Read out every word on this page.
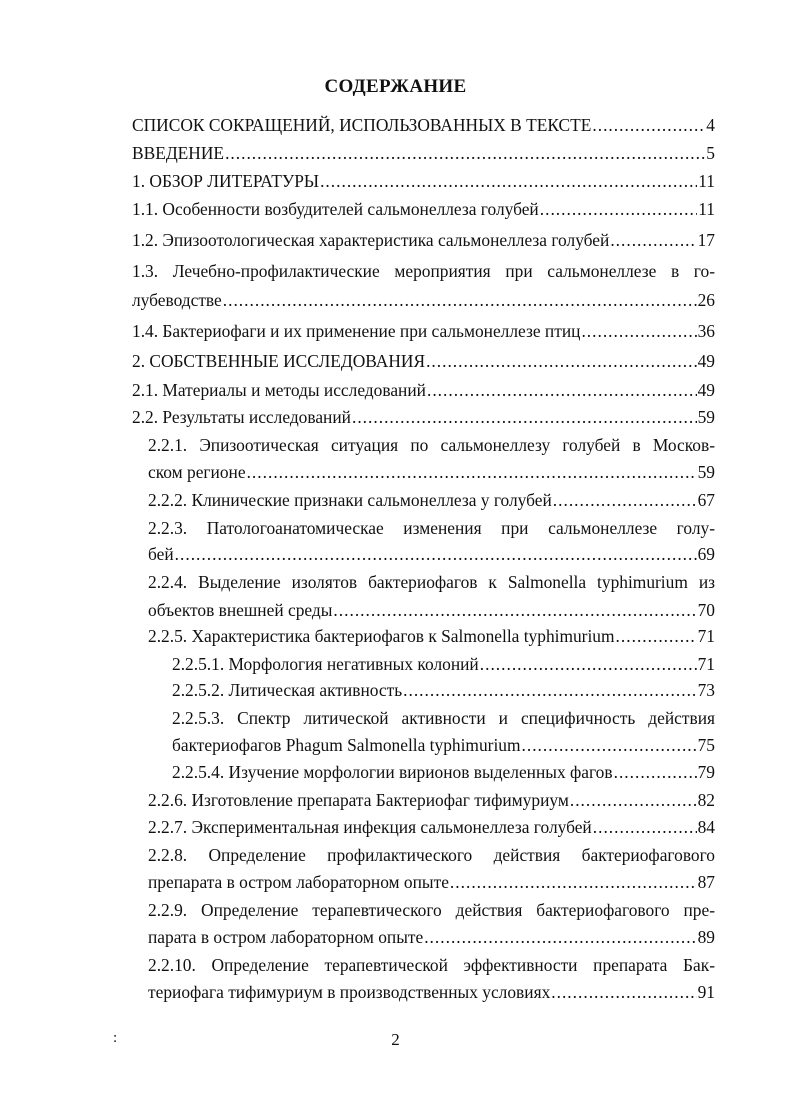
СОДЕРЖАНИЕ
СПИСОК СОКРАЩЕНИЙ, ИСПОЛЬЗОВАННЫХ В ТЕКСТЕ .....	4
ВВЕДЕНИЕ .....	5
1. ОБЗОР ЛИТЕРАТУРЫ .....	11
1.1. Особенности возбудителей сальмонеллеза голубей .....	11
1.2. Эпизоотологическая характеристика сальмонеллеза голубей .....	17
1.3. Лечебно-профилактические мероприятия при сальмонеллезе в го-
лубеводстве .....	26
1.4. Бактериофаги и их применение при сальмонеллезе птиц .....	36
2. СОБСТВЕННЫЕ ИССЛЕДОВАНИЯ .....	49
2.1. Материалы и методы исследований .....	49
2.2. Результаты исследований .....	59
2.2.1. Эпизоотическая ситуация по сальмонеллезу голубей в Москов-
ском регионе .....	59
2.2.2. Клинические признаки сальмонеллеза у голубей .....	67
2.2.3. Патологоанатомическае изменения при сальмонеллезе голу-
бей .....	69
2.2.4. Выделение изолятов бактериофагов к Salmonella typhimurium из
объектов внешней среды .....	70
2.2.5. Характеристика бактериофагов к Salmonella typhimurium .....	71
2.2.5.1. Морфология негативных колоний .....	71
2.2.5.2. Литическая активность .....	73
2.2.5.3. Спектр литической активности и специфичность действия
бактериофагов Phagum Salmonella typhimurium .....	75
2.2.5.4. Изучение морфологии вирионов выделенных фагов .....	79
2.2.6. Изготовление препарата Бактериофаг тифимуриум .....	82
2.2.7. Экспериментальная инфекция сальмонеллеза голубей .....	84
2.2.8. Определение профилактического действия бактериофагового
препарата в остром лабораторном опыте .....	87
2.2.9. Определение терапевтического действия бактериофагового пре-
парата в остром лабораторном опыте .....	89
2.2.10. Определение терапевтической эффективности препарата Бак-
териофага тифимуриум в производственных условиях .....	91
:	2
